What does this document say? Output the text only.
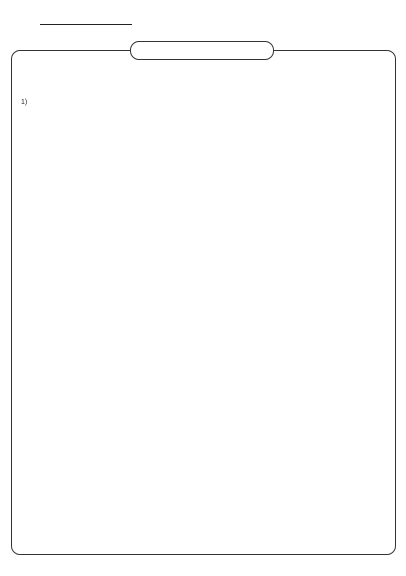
1)
